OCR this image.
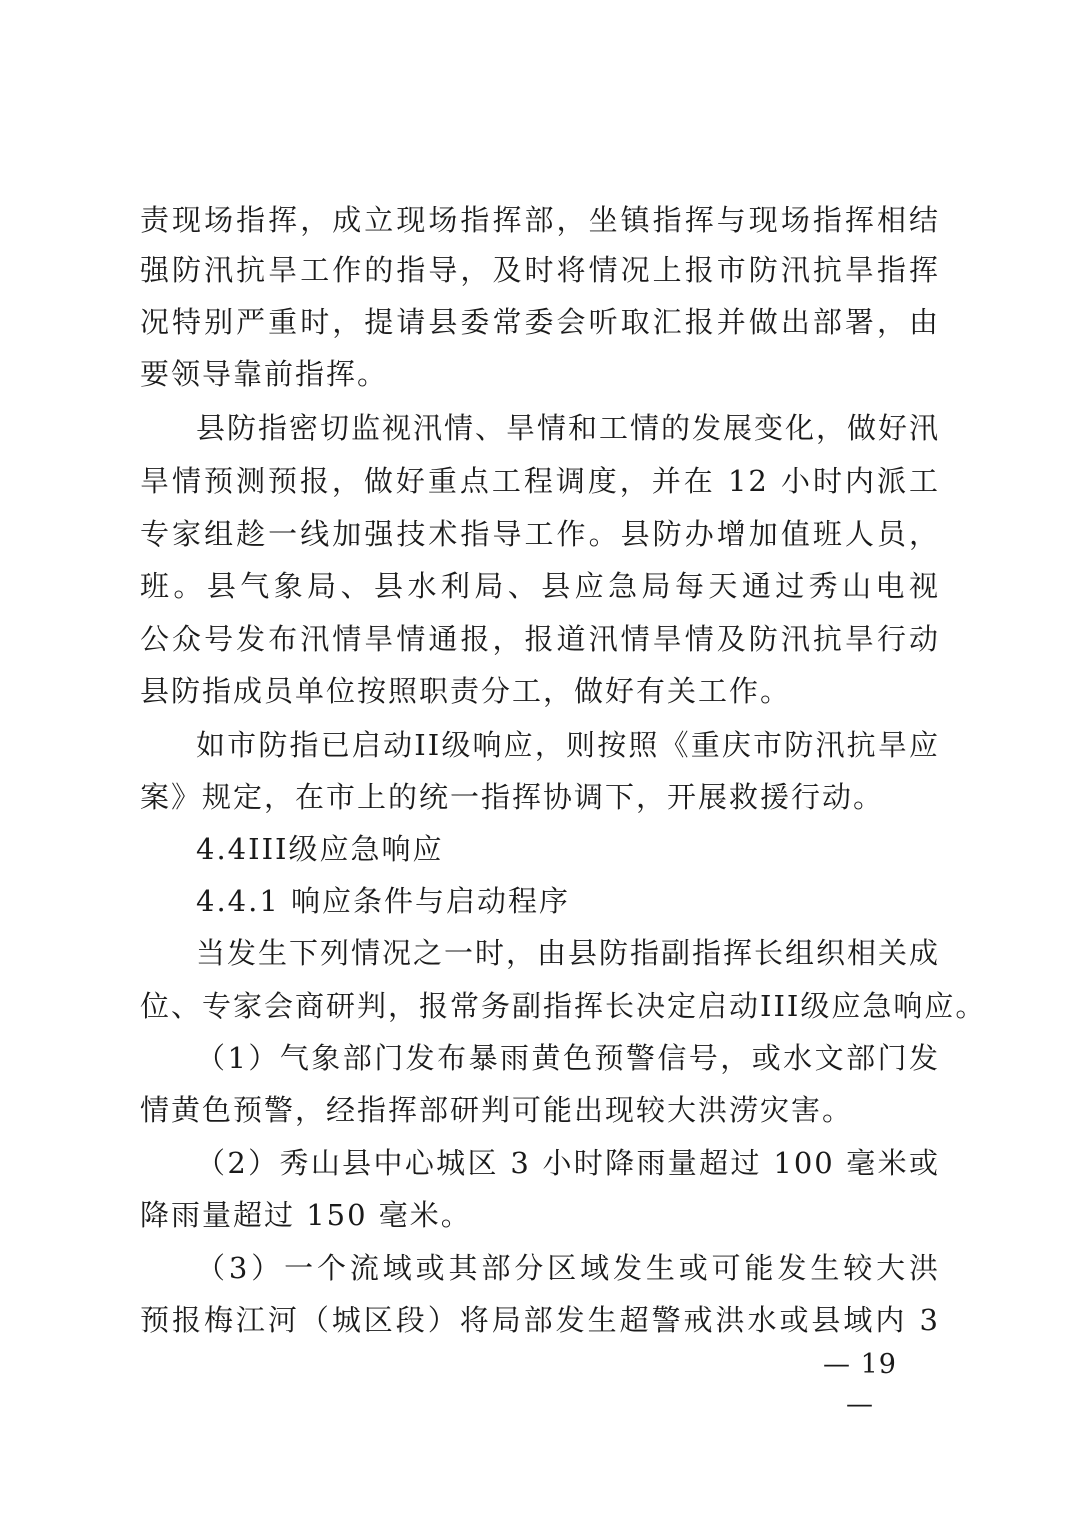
责现场指挥，成立现场指挥部，坐镇指挥与现场指挥相结
强防汛抗旱工作的指导，及时将情况上报市防汛抗旱指挥
况特别严重时，提请县委常委会听取汇报并做出部署，由
要领导靠前指挥。
县防指密切监视汛情、旱情和工情的发展变化，做好汛
旱情预测预报，做好重点工程调度，并在 12 小时内派工
专家组趁一线加强技术指导工作。县防办增加值班人员，
班。县气象局、县水利局、县应急局每天通过秀山电视
公众号发布汛情旱情通报，报道汛情旱情及防汛抗旱行动
县防指成员单位按照职责分工，做好有关工作。
如市防指已启动II级响应，则按照《重庆市防汛抗旱应
案》规定，在市上的统一指挥协调下，开展救援行动。
4.4III级应急响应
4.4.1 响应条件与启动程序
当发生下列情况之一时，由县防指副指挥长组织相关成
位、专家会商研判，报常务副指挥长决定启动III级应急响应。
（1）气象部门发布暴雨黄色预警信号，或水文部门发
情黄色预警，经指挥部研判可能出现较大洪涝灾害。
（2）秀山县中心城区 3 小时降雨量超过 100 毫米或
降雨量超过 150 毫米。
（3）一个流域或其部分区域发生或可能发生较大洪
预报梅江河（城区段）将局部发生超警戒洪水或县域内 3
— 19 —
